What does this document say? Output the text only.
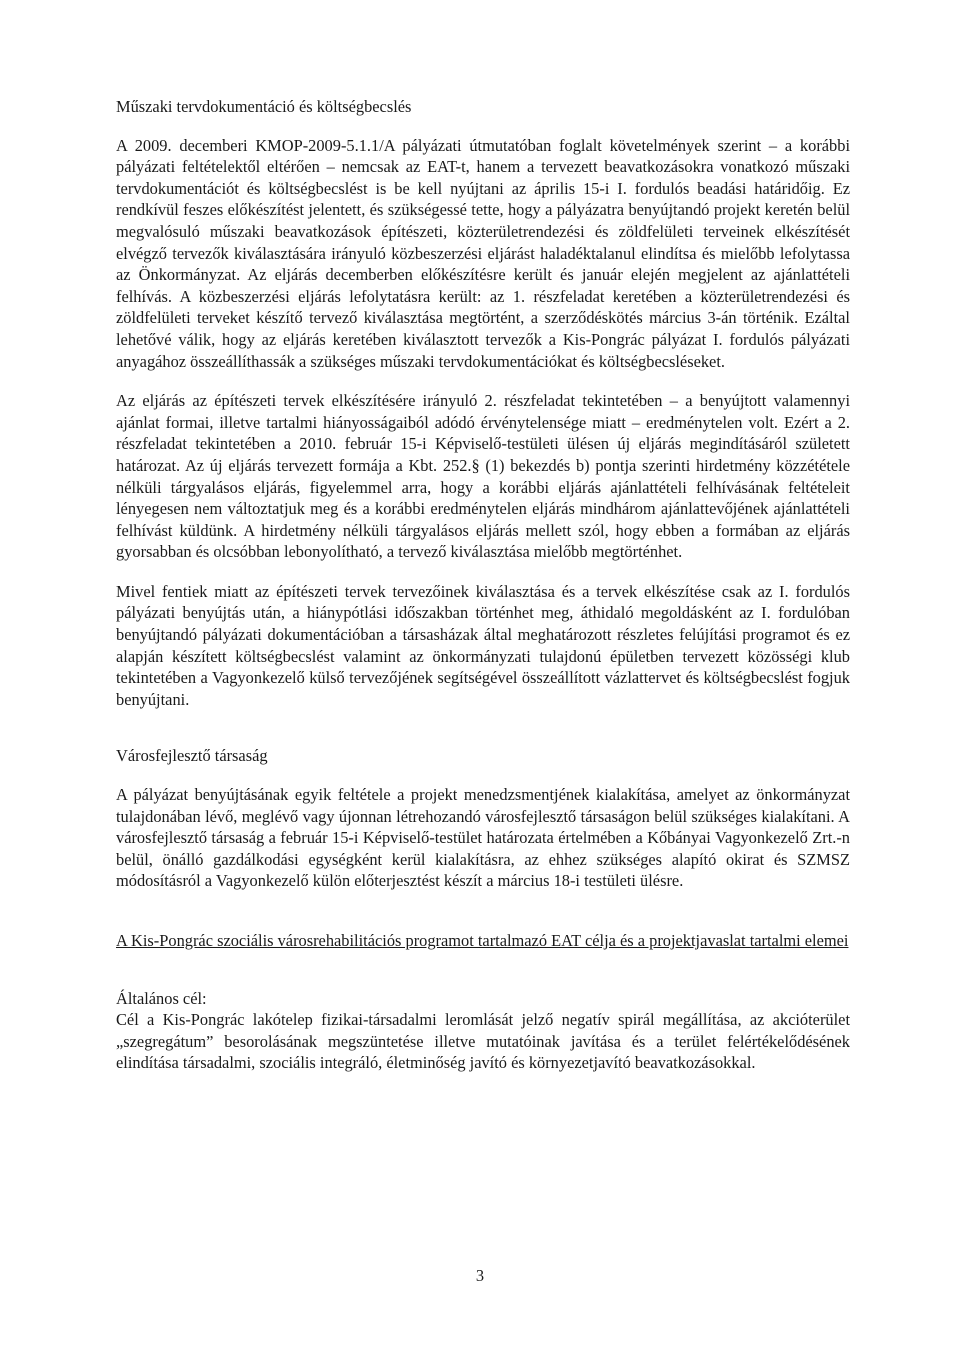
Műszaki tervdokumentáció és költségbecslés

A 2009. decemberi KMOP-2009-5.1.1/A pályázati útmutatóban foglalt követelmények szerint – a korábbi pályázati feltételektől eltérően – nemcsak az EAT-t, hanem a tervezett beavatkozásokra vonatkozó műszaki tervdokumentációt és költségbecslést is be kell nyújtani az április 15-i I. fordulós beadási határidőig. Ez rendkívül feszes előkészítést jelentett, és szükségessé tette, hogy a pályázatra benyújtandó projekt keretén belül megvalósuló műszaki beavatkozások építészeti, közterületrendezési és zöldfelületi terveinek elkészítését elvégző tervezők kiválasztására irányuló közbeszerzési eljárást haladéktalanul elindítsa és mielőbb lefolytassa az Önkormányzat. Az eljárás decemberben előkészítésre került és január elején megjelent az ajánlattételi felhívás. A közbeszerzési eljárás lefolytatásra került: az 1. részfeladat keretében a közterületrendezési és zöldfelületi terveket készítő tervező kiválasztása megtörtént, a szerződéskötés március 3-án történik. Ezáltal lehetővé válik, hogy az eljárás keretében kiválasztott tervezők a Kis-Pongrác pályázat I. fordulós pályázati anyagához összeállíthassák a szükséges műszaki tervdokumentációkat és költségbecsléseket.

Az eljárás az építészeti tervek elkészítésére irányuló 2. részfeladat tekintetében – a benyújtott valamennyi ajánlat formai, illetve tartalmi hiányosságaiból adódó érvénytelensége miatt – eredménytelen volt. Ezért a 2. részfeladat tekintetében a 2010. február 15-i Képviselő-testületi ülésen új eljárás megindításáról született határozat. Az új eljárás tervezett formája a Kbt. 252.§ (1) bekezdés b) pontja szerinti hirdetmény közzététele nélküli tárgyalásos eljárás, figyelemmel arra, hogy a korábbi eljárás ajánlattételi felhívásának feltételeit lényegesen nem változtatjuk meg és a korábbi eredménytelen eljárás mindhárom ajánlattevőjének ajánlattételi felhívást küldünk. A hirdetmény nélküli tárgyalásos eljárás mellett szól, hogy ebben a formában az eljárás gyorsabban és olcsóbban lebonyolítható, a tervező kiválasztása mielőbb megtörténhet.

Mivel fentiek miatt az építészeti tervek tervezőinek kiválasztása és a tervek elkészítése csak az I. fordulós pályázati benyújtás után, a hiánypótlási időszakban történhet meg, áthidaló megoldásként az I. fordulóban benyújtandó pályázati dokumentációban a társasházak által meghatározott részletes felújítási programot és ez alapján készített költségbecslést valamint az önkormányzati tulajdonú épületben tervezett közösségi klub tekintetében a Vagyonkezelő külső tervezőjének segítségével összeállított vázlattervet és költségbecslést fogjuk benyújtani.

Városfejlesztő társaság

A pályázat benyújtásának egyik feltétele a projekt menedzsmentjének kialakítása, amelyet az önkormányzat tulajdonában lévő, meglévő vagy újonnan létrehozandó városfejlesztő társaságon belül szükséges kialakítani. A városfejlesztő társaság a február 15-i Képviselő-testület határozata értelmében a Kőbányai Vagyonkezelő Zrt.-n belül, önálló gazdálkodási egységként kerül kialakításra, az ehhez szükséges alapító okirat és SZMSZ módosításról a Vagyonkezelő külön előterjesztést készít a március 18-i testületi ülésre.

A Kis-Pongrác szociális városrehabilitációs programot tartalmazó EAT célja és a projektjavaslat tartalmi elemei
Általános cél:

Cél a Kis-Pongrác lakótelep fizikai-társadalmi leromlását jelző negatív spirál megállítása, az akcióterület „szegregátum” besorolásának megszüntetése illetve mutatóinak javítása és a terület felértékelődésének elindítása társadalmi, szociális integráló, életminőség javító és környezetjavító beavatkozásokkal.

3
